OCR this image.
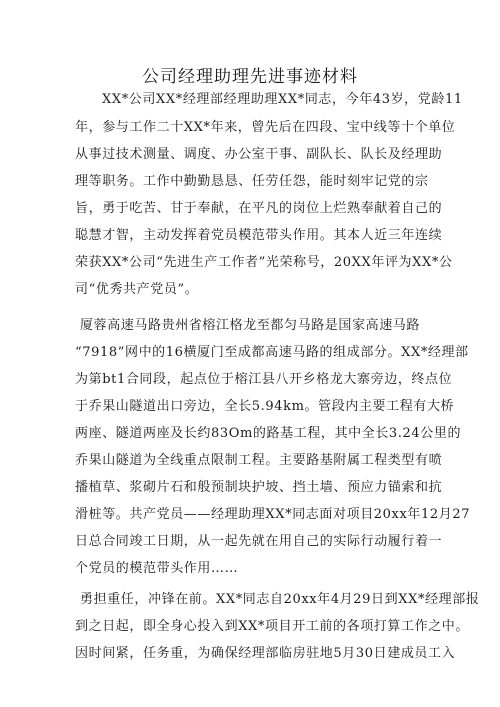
公司经理助理先进事迹材料

XX*公司XX*经理部经理助理XX*同志，今年43岁，党龄11

年，参与工作二十XX*年来，曾先后在四段、宝中线等十个单位

从事过技术测量、调度、办公室干事、副队长、队长及经理助

理等职务。工作中勤勤恳恳、任劳任怨，能时刻牢记党的宗

旨，勇于吃苦、甘于奉献，在平凡的岗位上烂熟奉献着自己的

聪慧才智，主动发挥着党员模范带头作用。其本人近三年连续

荣获XX*公司“先进生产工作者”光荣称号，20XX年评为XX*公

司“优秀共产党员”。

厦蓉高速马路贵州省榕江格龙至都匀马路是国家高速马路

“7918”网中的16横厦门至成都高速马路的组成部分。XX*经理部

为第bt1合同段，起点位于榕江县八开乡格龙大寨旁边，终点位

于乔果山隧道出口旁边，全长5.94km。管段内主要工程有大桥

两座、隧道两座及长约83Om的路基工程，其中全长3.24公里的

乔果山隧道为全线重点限制工程。主要路基附属工程类型有喷

播植草、浆砌片石和般预制块护坡、挡土墙、预应力锚索和抗

滑桩等。共产党员——经理助理XX*同志面对项目20xx年12月27

日总合同竣工日期，从一起先就在用自己的实际行动履行着一

个党员的模范带头作用……

勇担重任，冲锋在前。XX*同志自20xx年4月29日到XX*经理部报

到之日起，即全身心投入到XX*项目开工前的各项打算工作之中。

因时间紧，任务重，为确保经理部临房驻地5月30日建成员工入
